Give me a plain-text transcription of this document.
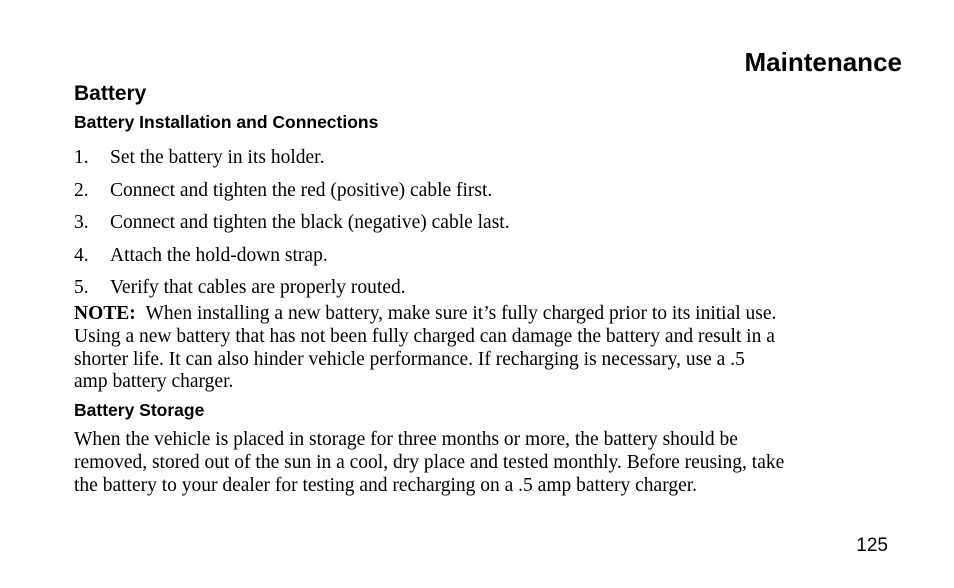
Maintenance
Battery
Battery Installation and Connections
1. Set the battery in its holder.
2. Connect and tighten the red (positive) cable first.
3. Connect and tighten the black (negative) cable last.
4. Attach the hold-down strap.
5. Verify that cables are properly routed.
NOTE: When installing a new battery, make sure it’s fully charged prior to its initial use.
Using a new battery that has not been fully charged can damage the battery and result in a
shorter life. It can also hinder vehicle performance. If recharging is necessary, use a .5
amp battery charger.
Battery Storage
When the vehicle is placed in storage for three months or more, the battery should be
removed, stored out of the sun in a cool, dry place and tested monthly. Before reusing, take
the battery to your dealer for testing and recharging on a .5 amp battery charger.
125
